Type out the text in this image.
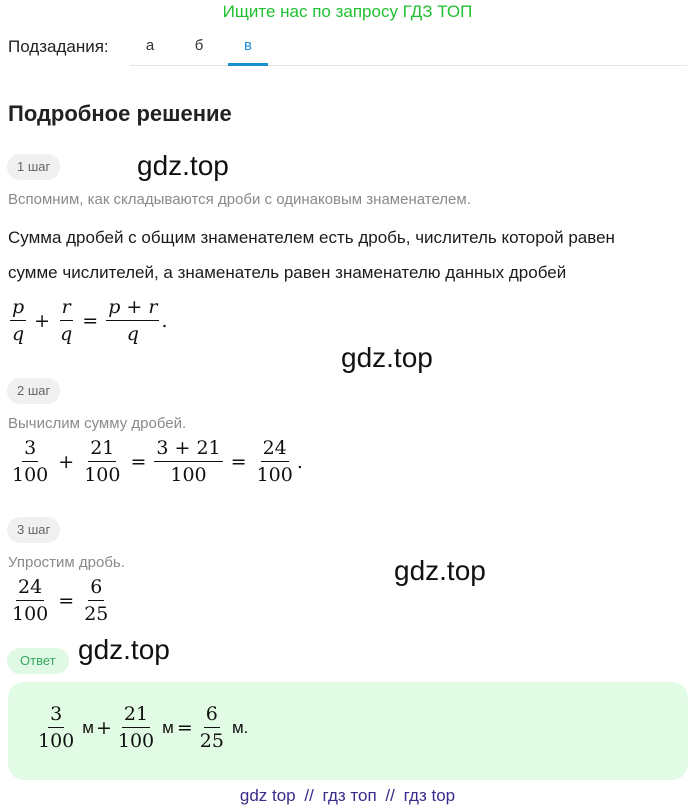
Ищите нас по запросу ГДЗ ТОП
Подзадания:	а	б	в
Подробное решение
1 шаг	gdz.top
Вспомним, как складываются дроби с одинаковым знаменателем.
Сумма дробей с общим знаменателем есть дробь, числитель которой равен
сумме числителей, а знаменатель равен знаменателю данных дробей
$\frac{p}{q} + \frac{r}{q} = \frac{p + r}{q}$ .
gdz.top
2 шаг
Вычислим сумму дробей.
$\frac{3}{100} + \frac{21}{100} = \frac{3 + 21}{100} = \frac{24}{100}$ .
3 шаг
Упростим дробь.	gdz.top
$\frac{24}{100} = \frac{6}{25}$
Ответ gdz.top
$\frac{3}{100}$ $м + \frac{21}{100}$ $м = \frac{6}{25} м$.
gdz top // гдз топ // гдз top
